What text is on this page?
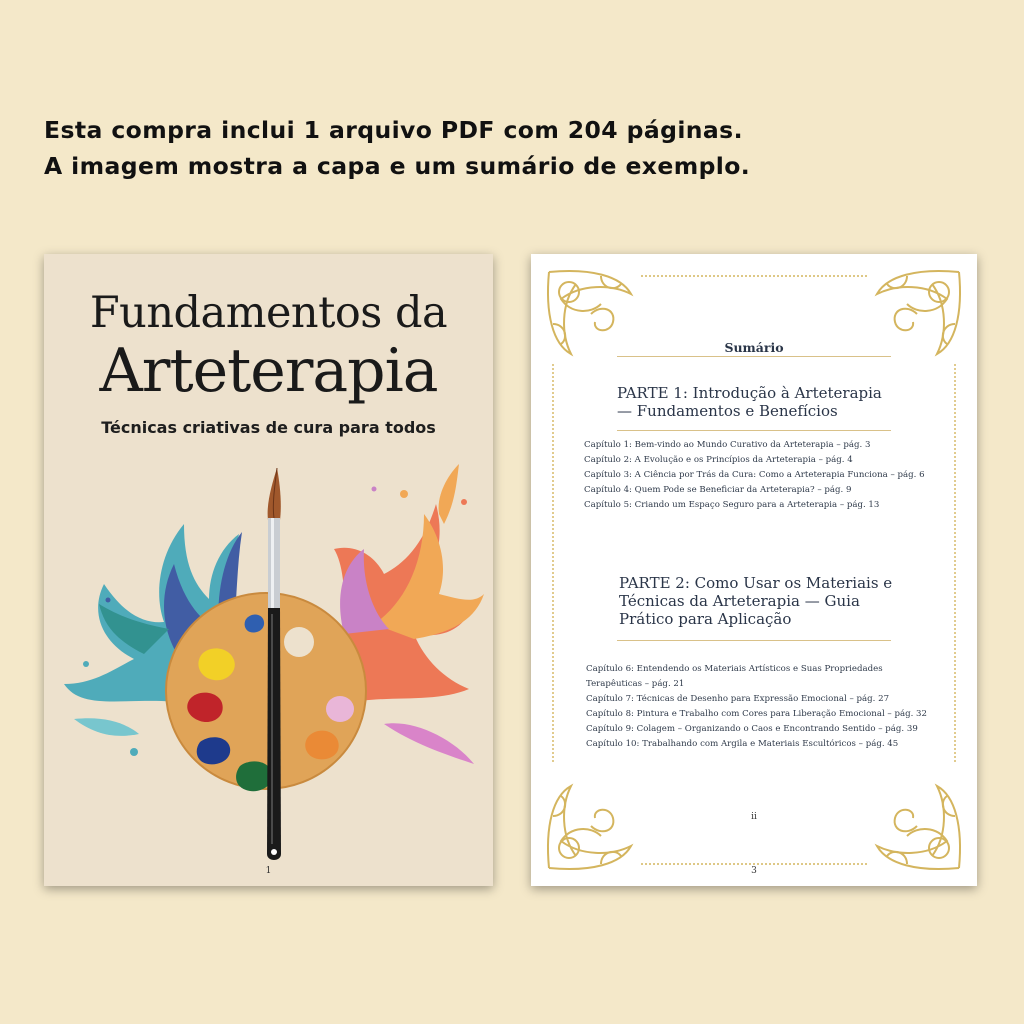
Esta compra inclui 1 arquivo PDF com 204 páginas.
A imagem mostra a capa e um sumário de exemplo.
Fundamentos da
Arteterapia
Técnicas criativas de cura para todos
1
Sumário
PARTE 1: Introdução à Arteterapia
— Fundamentos e Benefícios
Capítulo 1: Bem-vindo ao Mundo Curativo da Arteterapia – pág. 3
Capítulo 2: A Evolução e os Princípios da Arteterapia – pág. 4
Capítulo 3: A Ciência por Trás da Cura: Como a Arteterapia Funciona – pág. 6
Capítulo 4: Quem Pode se Beneficiar da Arteterapia? – pág. 9
Capítulo 5: Criando um Espaço Seguro para a Arteterapia – pág. 13
PARTE 2: Como Usar os Materiais e
Técnicas da Arteterapia — Guia
Prático para Aplicação
Capítulo 6: Entendendo os Materiais Artísticos e Suas Propriedades
Terapêuticas – pág. 21
Capítulo 7: Técnicas de Desenho para Expressão Emocional – pág. 27
Capítulo 8: Pintura e Trabalho com Cores para Liberação Emocional – pág. 32
Capítulo 9: Colagem – Organizando o Caos e Encontrando Sentido – pág. 39
Capítulo 10: Trabalhando com Argila e Materiais Escultóricos – pág. 45
ii
3
